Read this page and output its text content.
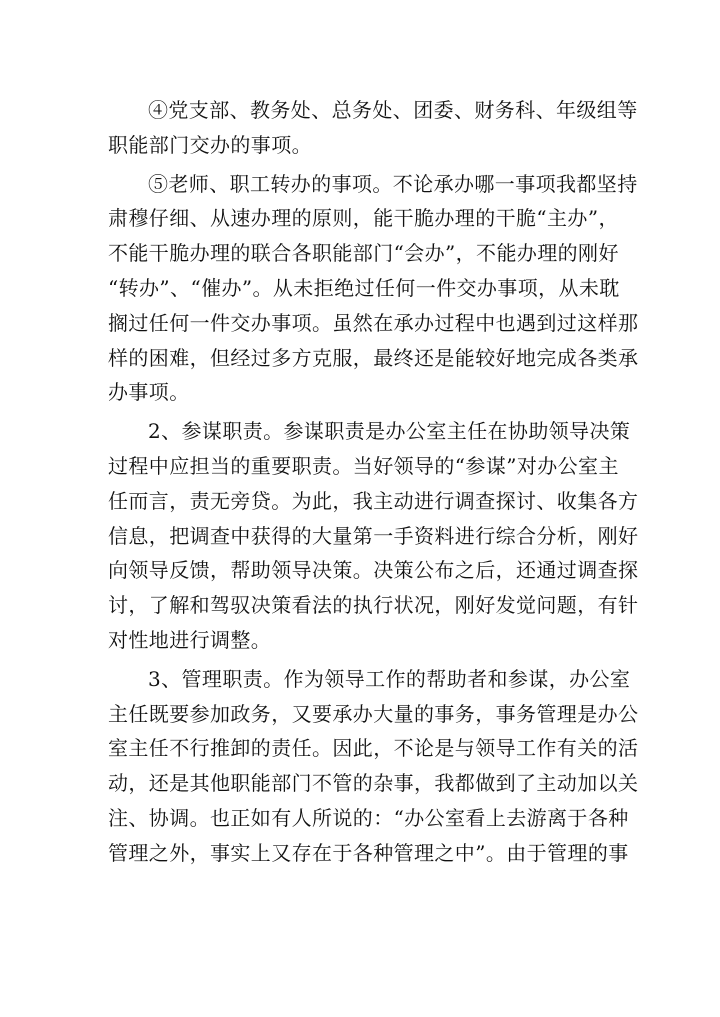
④党支部、教务处、总务处、团委、财务科、年级组等
职能部门交办的事项。
⑤老师、职工转办的事项。不论承办哪一事项我都坚持
肃穆仔细、从速办理的原则，能干脆办理的干脆“主办”，
不能干脆办理的联合各职能部门“会办”，不能办理的刚好
“转办”、“催办”。从未拒绝过任何一件交办事项，从未耽
搁过任何一件交办事项。虽然在承办过程中也遇到过这样那
样的困难，但经过多方克服，最终还是能较好地完成各类承
办事项。
2、参谋职责。参谋职责是办公室主任在协助领导决策
过程中应担当的重要职责。当好领导的“参谋”对办公室主
任而言，责无旁贷。为此，我主动进行调查探讨、收集各方
信息，把调查中获得的大量第一手资料进行综合分析，刚好
向领导反馈，帮助领导决策。决策公布之后，还通过调查探
讨，了解和驾驭决策看法的执行状况，刚好发觉问题，有针
对性地进行调整。
3、管理职责。作为领导工作的帮助者和参谋，办公室
主任既要参加政务，又要承办大量的事务，事务管理是办公
室主任不行推卸的责任。因此，不论是与领导工作有关的活
动，还是其他职能部门不管的杂事，我都做到了主动加以关
注、协调。也正如有人所说的：“办公室看上去游离于各种
管理之外，事实上又存在于各种管理之中”。由于管理的事
